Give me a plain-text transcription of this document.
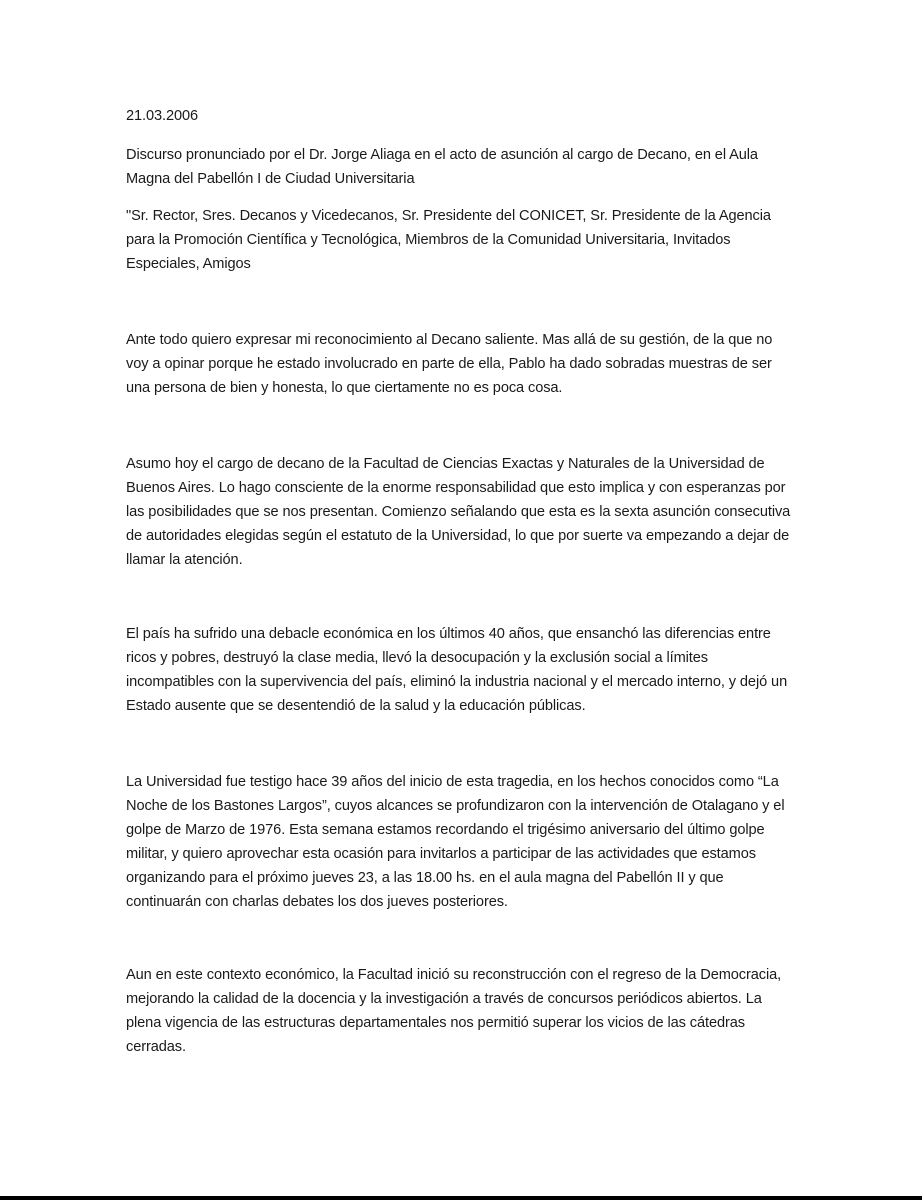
21.03.2006

Discurso pronunciado por el Dr. Jorge Aliaga en el acto de asunción al cargo de Decano, en el Aula Magna del Pabellón I de Ciudad Universitaria

"Sr. Rector, Sres. Decanos y Vicedecanos, Sr. Presidente del CONICET, Sr. Presidente de la Agencia para la Promoción Científica y Tecnológica, Miembros de la Comunidad Universitaria, Invitados Especiales, Amigos

Ante todo quiero expresar mi reconocimiento al Decano saliente. Mas allá de su gestión, de la que no voy a opinar porque he estado involucrado en parte de ella, Pablo ha dado sobradas muestras de ser una persona de bien y honesta, lo que ciertamente no es poca cosa.

Asumo hoy el cargo de decano de la Facultad de Ciencias Exactas y Naturales de la Universidad de Buenos Aires. Lo hago consciente de la enorme responsabilidad que esto implica y con esperanzas por las posibilidades que se nos presentan. Comienzo señalando que esta es la sexta asunción consecutiva de autoridades elegidas según el estatuto de la Universidad, lo que por suerte va empezando a dejar de llamar la atención.

El país ha sufrido una debacle económica en los últimos 40 años, que ensanchó las diferencias entre ricos y pobres, destruyó la clase media, llevó la desocupación y la exclusión social a límites incompatibles con la supervivencia del país, eliminó la industria nacional y el mercado interno, y dejó un Estado ausente que se desentendió de la salud y la educación públicas.

La Universidad fue testigo hace 39 años del inicio de esta tragedia, en los hechos conocidos como “La Noche de los Bastones Largos”, cuyos alcances se profundizaron con la intervención de Otalagano y el golpe de Marzo de 1976. Esta semana estamos recordando el trigésimo aniversario del último golpe militar, y quiero aprovechar esta ocasión para invitarlos a participar de las actividades que estamos organizando para el próximo jueves 23, a las 18.00 hs. en el aula magna del Pabellón II y que continuarán con charlas debates los dos jueves posteriores.

Aun en este contexto económico, la Facultad inició su reconstrucción con el regreso de la Democracia, mejorando la calidad de la docencia y la investigación a través de concursos periódicos abiertos. La plena vigencia de las estructuras departamentales nos permitió superar los vicios de las cátedras cerradas.
